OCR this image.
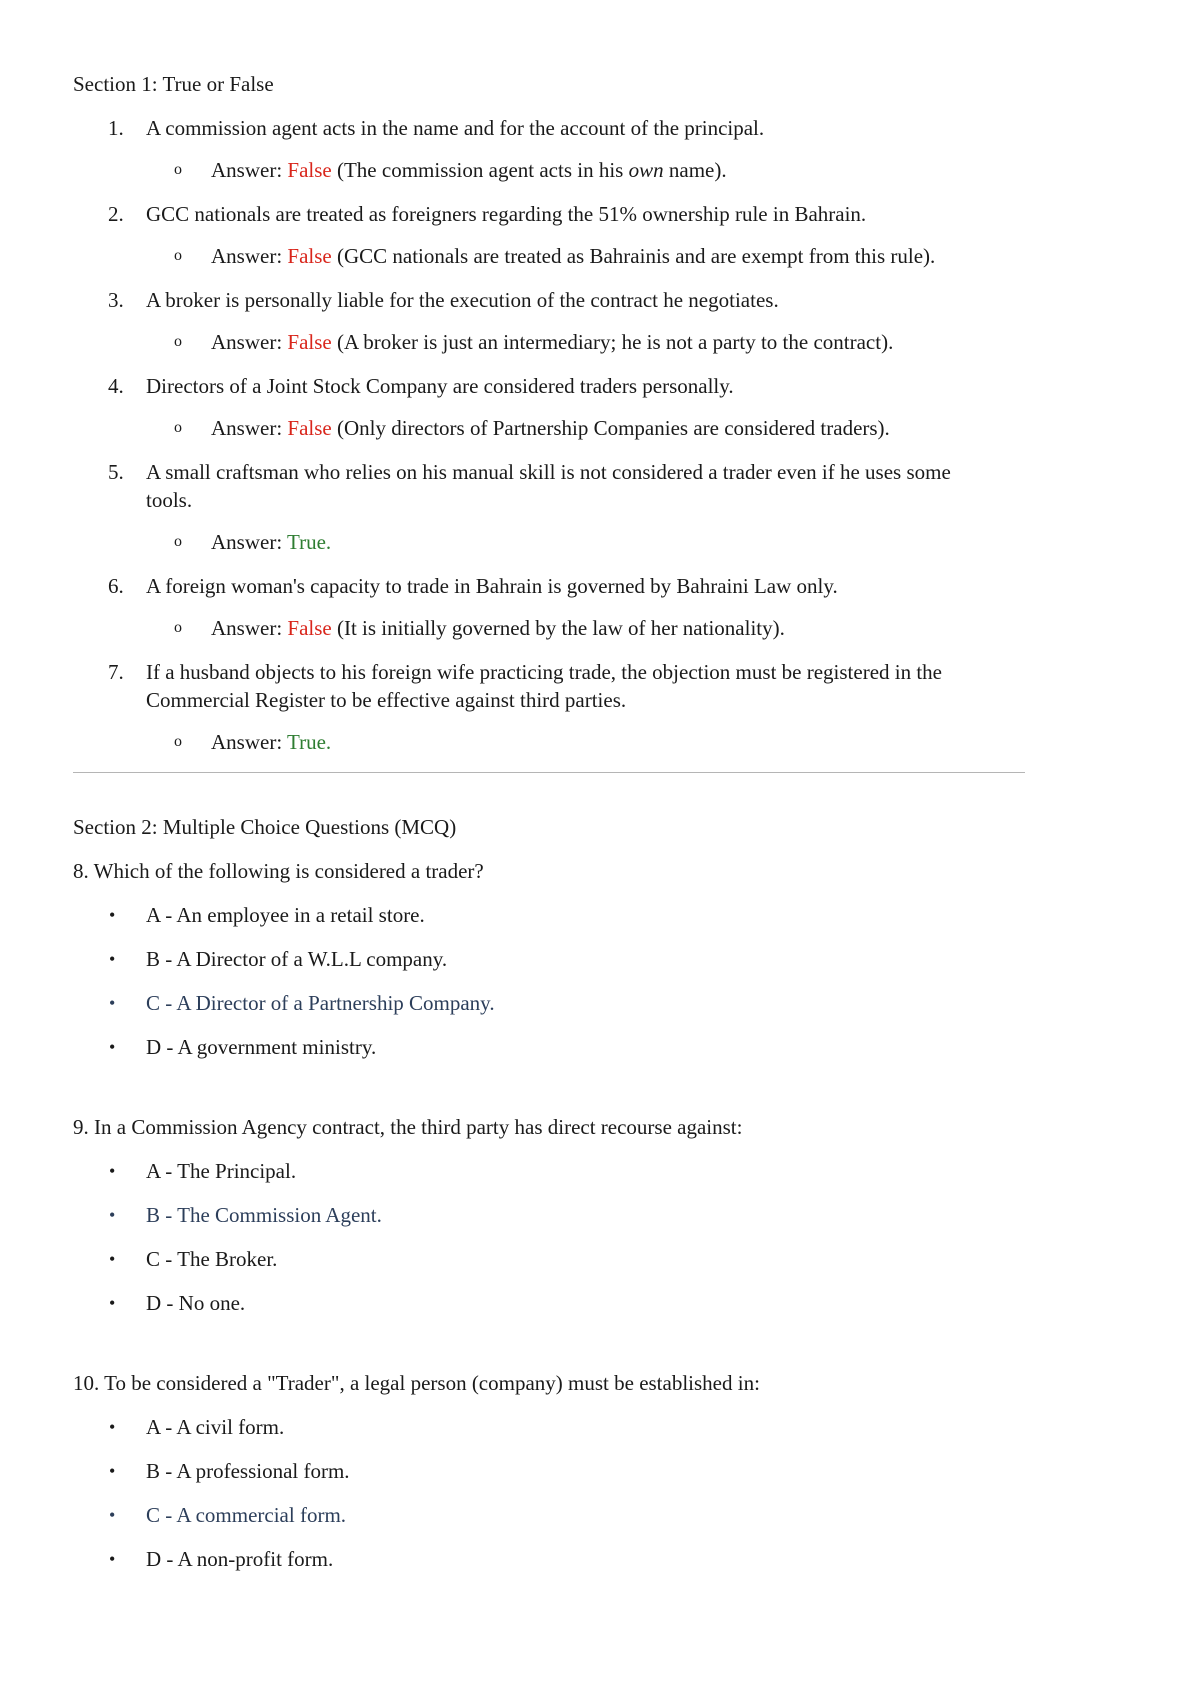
Section 1: True or False

1. A commission agent acts in the name and for the account of the principal.
o Answer: False (The commission agent acts in his own name).
2. GCC nationals are treated as foreigners regarding the 51% ownership rule in Bahrain.
o Answer: False (GCC nationals are treated as Bahrainis and are exempt from this rule).
3. A broker is personally liable for the execution of the contract he negotiates.
o Answer: False (A broker is just an intermediary; he is not a party to the contract).
4. Directors of a Joint Stock Company are considered traders personally.
o Answer: False (Only directors of Partnership Companies are considered traders).
5. A small craftsman who relies on his manual skill is not considered a trader even if he uses some
tools.
o Answer: True.
6. A foreign woman's capacity to trade in Bahrain is governed by Bahraini Law only.
o Answer: False (It is initially governed by the law of her nationality).
7. If a husband objects to his foreign wife practicing trade, the objection must be registered in the
Commercial Register to be effective against third parties.
o Answer: True.

Section 2: Multiple Choice Questions (MCQ)

8. Which of the following is considered a trader?

• A - An employee in a retail store.
• B - A Director of a W.L.L company.
• C - A Director of a Partnership Company.
• D - A government ministry.

9. In a Commission Agency contract, the third party has direct recourse against:

• A - The Principal.
• B - The Commission Agent.
• C - The Broker.
• D - No one.

10. To be considered a "Trader", a legal person (company) must be established in:

• A - A civil form.
• B - A professional form.
• C - A commercial form.
• D - A non-profit form.
